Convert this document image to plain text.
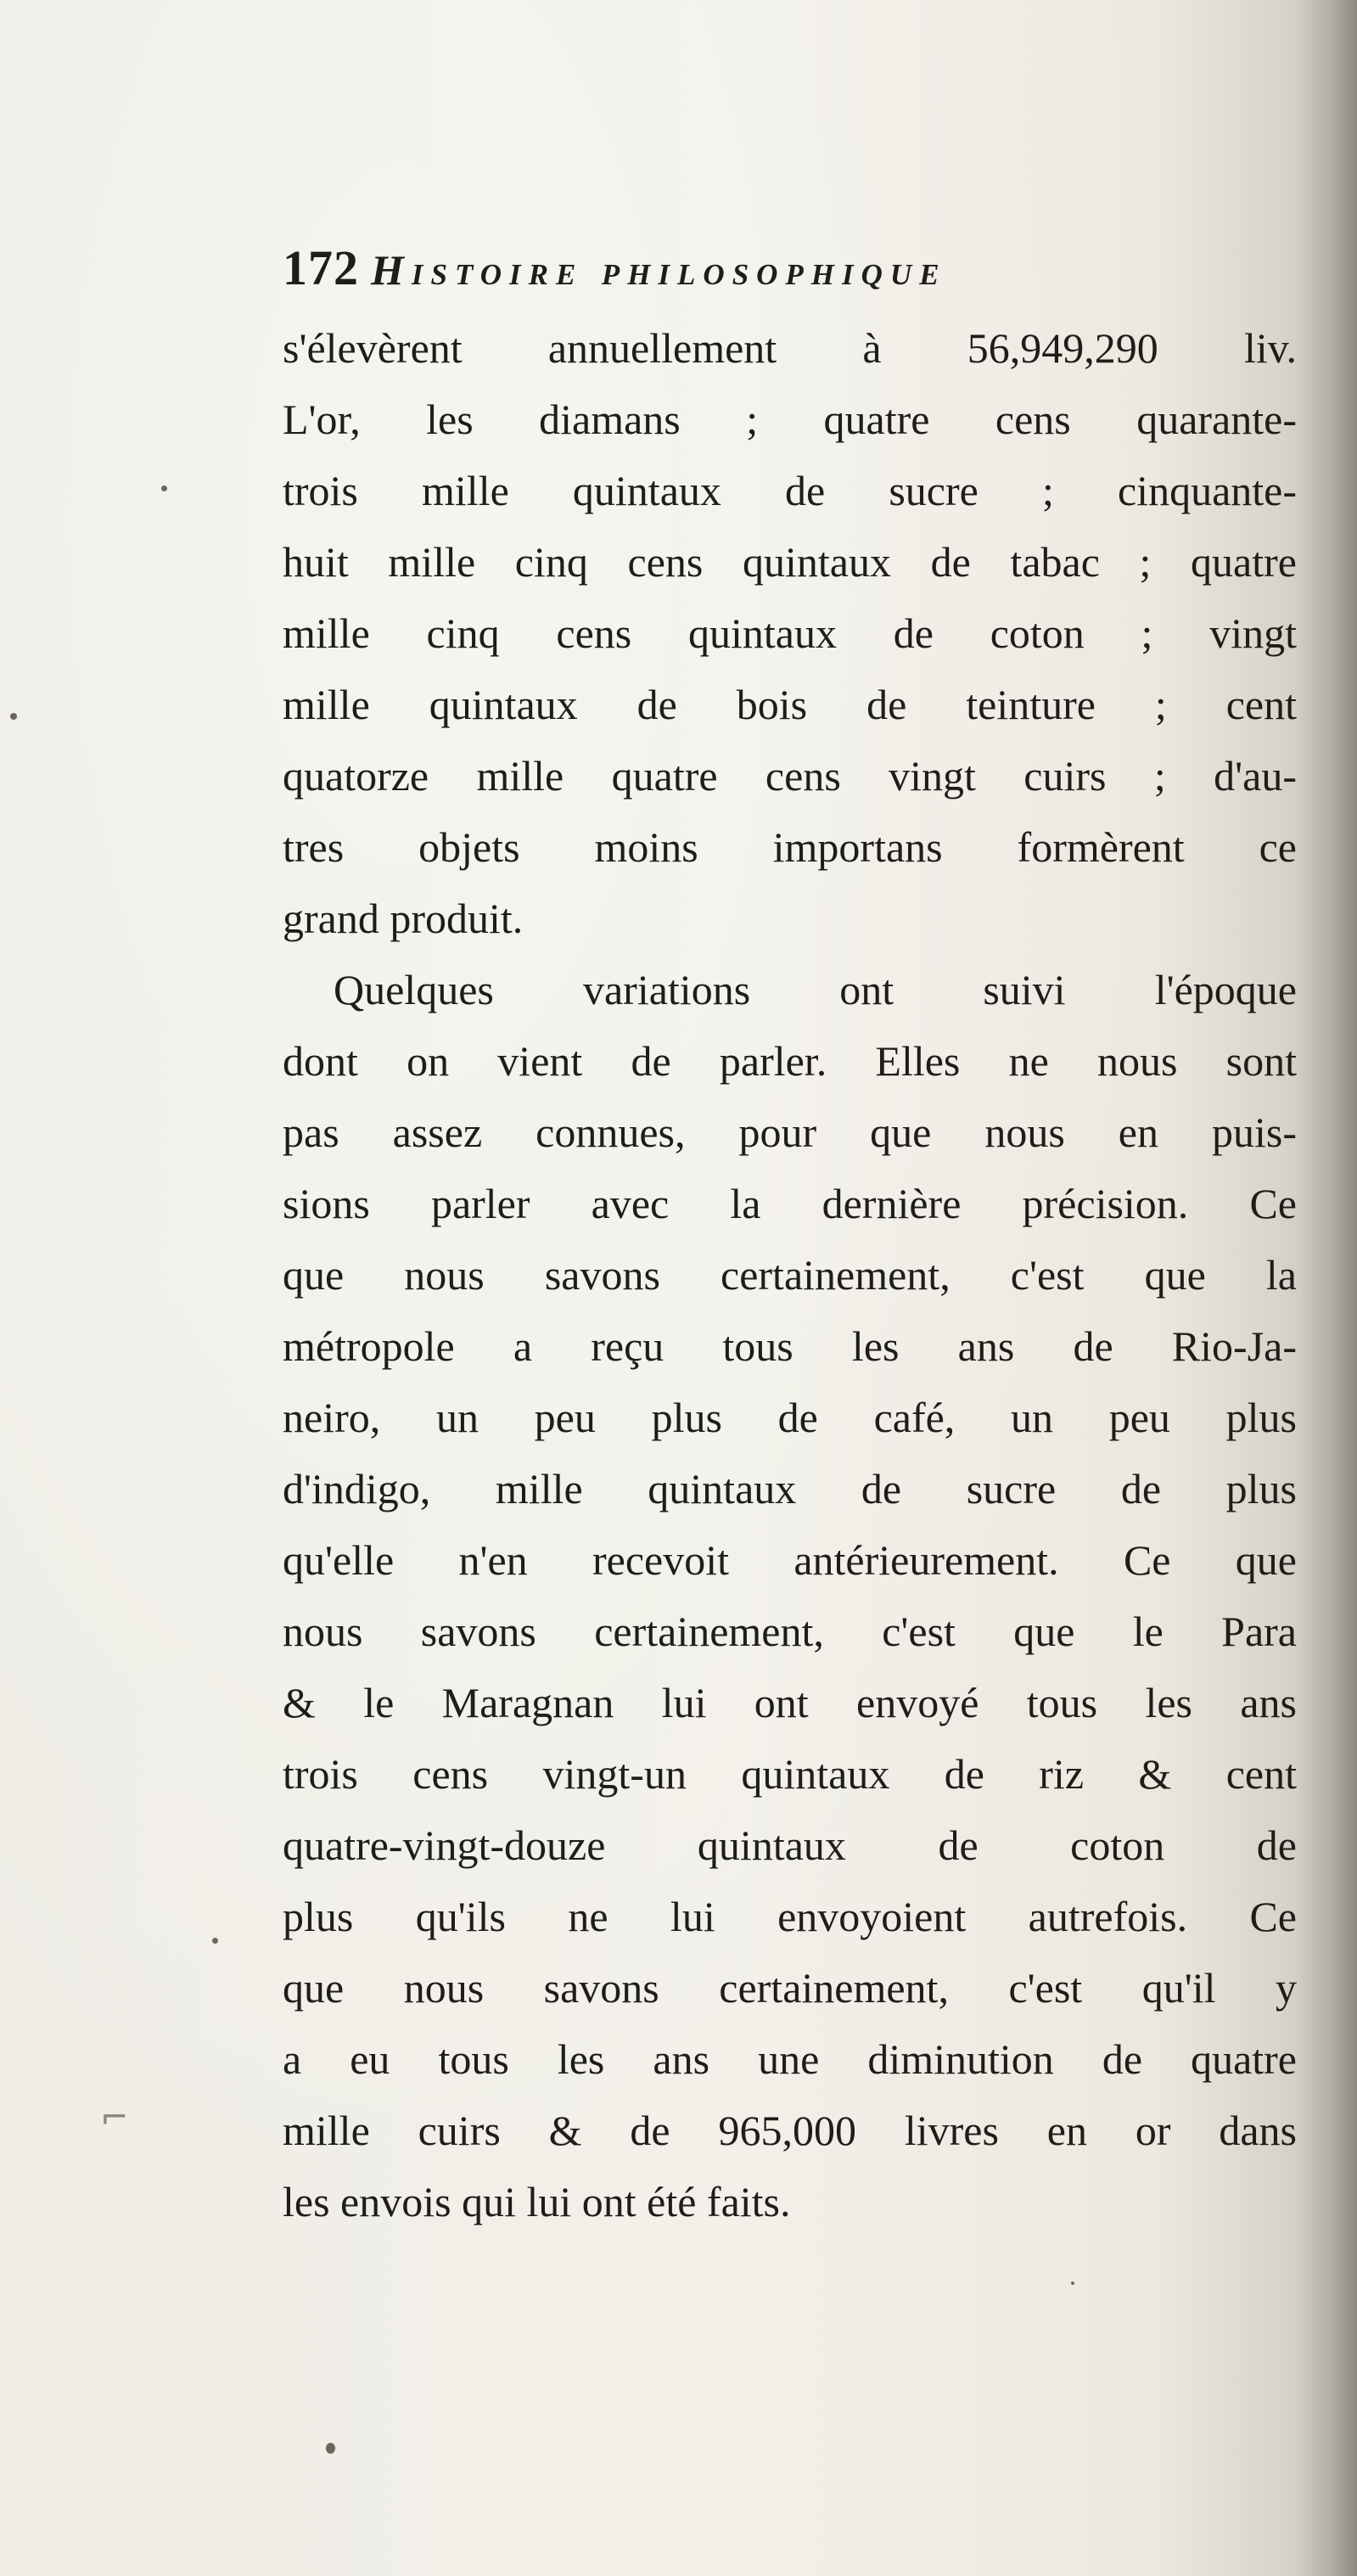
172 Histoire philosophique
s'élevèrent annuellement à 56,949,290 liv.
L'or, les diamans ; quatre cens quarante-
trois mille quintaux de sucre ; cinquante-
huit mille cinq cens quintaux de tabac ; quatre
mille cinq cens quintaux de coton ; vingt
mille quintaux de bois de teinture ; cent
quatorze mille quatre cens vingt cuirs ; d'au-
tres objets moins importans formèrent ce
grand produit.
Quelques variations ont suivi l'époque
dont on vient de parler. Elles ne nous sont
pas assez connues, pour que nous en puis-
sions parler avec la dernière précision. Ce
que nous savons certainement, c'est que la
métropole a reçu tous les ans de Rio-Ja-
neiro, un peu plus de café, un peu plus
d'indigo, mille quintaux de sucre de plus
qu'elle n'en recevoit antérieurement. Ce que
nous savons certainement, c'est que le Para
& le Maragnan lui ont envoyé tous les ans
trois cens vingt-un quintaux de riz & cent
quatre-vingt-douze quintaux de coton de
plus qu'ils ne lui envoyoient autrefois. Ce
que nous savons certainement, c'est qu'il y
a eu tous les ans une diminution de quatre
mille cuirs & de 965,000 livres en or dans
les envois qui lui ont été faits.
⌐
